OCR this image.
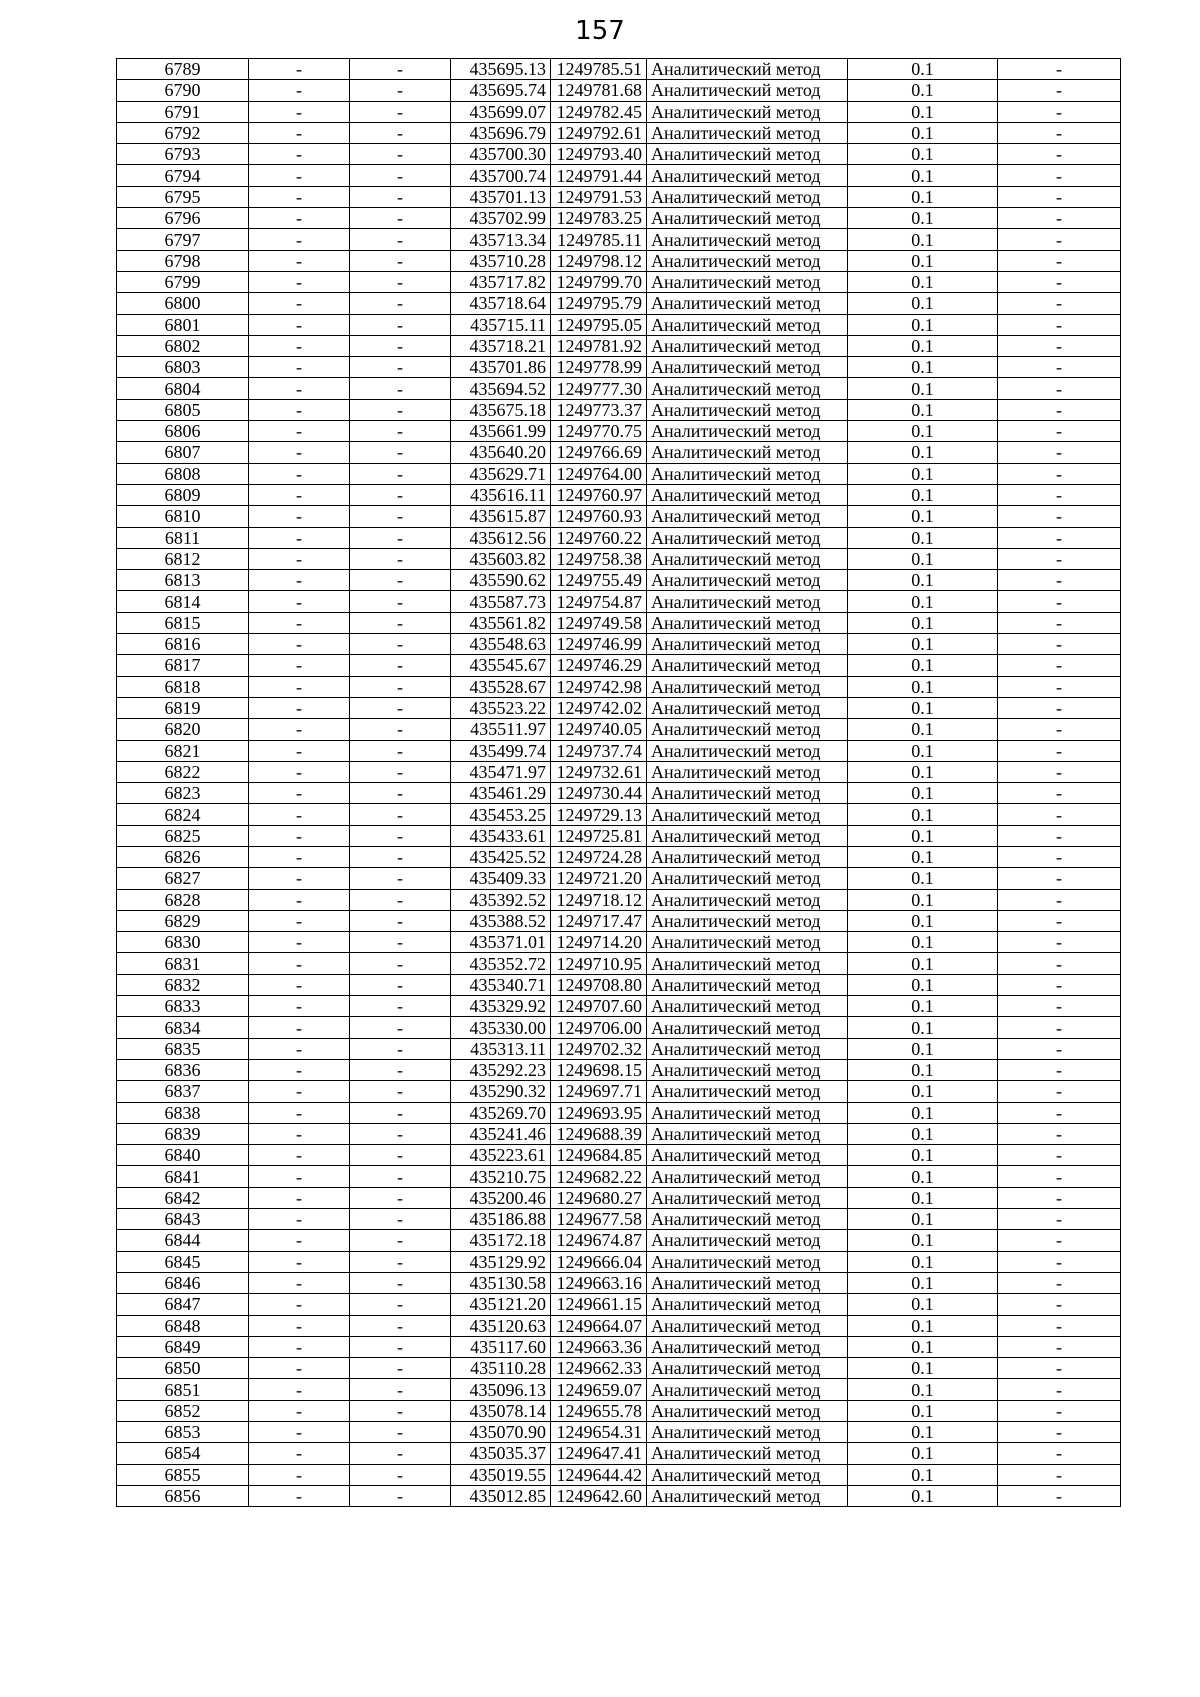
157
6789	-	-	435695.13	1249785.51	Аналитический метод	0.1	-
6790	-	-	435695.74	1249781.68	Аналитический метод	0.1	-
6791	-	-	435699.07	1249782.45	Аналитический метод	0.1	-
6792	-	-	435696.79	1249792.61	Аналитический метод	0.1	-
6793	-	-	435700.30	1249793.40	Аналитический метод	0.1	-
6794	-	-	435700.74	1249791.44	Аналитический метод	0.1	-
6795	-	-	435701.13	1249791.53	Аналитический метод	0.1	-
6796	-	-	435702.99	1249783.25	Аналитический метод	0.1	-
6797	-	-	435713.34	1249785.11	Аналитический метод	0.1	-
6798	-	-	435710.28	1249798.12	Аналитический метод	0.1	-
6799	-	-	435717.82	1249799.70	Аналитический метод	0.1	-
6800	-	-	435718.64	1249795.79	Аналитический метод	0.1	-
6801	-	-	435715.11	1249795.05	Аналитический метод	0.1	-
6802	-	-	435718.21	1249781.92	Аналитический метод	0.1	-
6803	-	-	435701.86	1249778.99	Аналитический метод	0.1	-
6804	-	-	435694.52	1249777.30	Аналитический метод	0.1	-
6805	-	-	435675.18	1249773.37	Аналитический метод	0.1	-
6806	-	-	435661.99	1249770.75	Аналитический метод	0.1	-
6807	-	-	435640.20	1249766.69	Аналитический метод	0.1	-
6808	-	-	435629.71	1249764.00	Аналитический метод	0.1	-
6809	-	-	435616.11	1249760.97	Аналитический метод	0.1	-
6810	-	-	435615.87	1249760.93	Аналитический метод	0.1	-
6811	-	-	435612.56	1249760.22	Аналитический метод	0.1	-
6812	-	-	435603.82	1249758.38	Аналитический метод	0.1	-
6813	-	-	435590.62	1249755.49	Аналитический метод	0.1	-
6814	-	-	435587.73	1249754.87	Аналитический метод	0.1	-
6815	-	-	435561.82	1249749.58	Аналитический метод	0.1	-
6816	-	-	435548.63	1249746.99	Аналитический метод	0.1	-
6817	-	-	435545.67	1249746.29	Аналитический метод	0.1	-
6818	-	-	435528.67	1249742.98	Аналитический метод	0.1	-
6819	-	-	435523.22	1249742.02	Аналитический метод	0.1	-
6820	-	-	435511.97	1249740.05	Аналитический метод	0.1	-
6821	-	-	435499.74	1249737.74	Аналитический метод	0.1	-
6822	-	-	435471.97	1249732.61	Аналитический метод	0.1	-
6823	-	-	435461.29	1249730.44	Аналитический метод	0.1	-
6824	-	-	435453.25	1249729.13	Аналитический метод	0.1	-
6825	-	-	435433.61	1249725.81	Аналитический метод	0.1	-
6826	-	-	435425.52	1249724.28	Аналитический метод	0.1	-
6827	-	-	435409.33	1249721.20	Аналитический метод	0.1	-
6828	-	-	435392.52	1249718.12	Аналитический метод	0.1	-
6829	-	-	435388.52	1249717.47	Аналитический метод	0.1	-
6830	-	-	435371.01	1249714.20	Аналитический метод	0.1	-
6831	-	-	435352.72	1249710.95	Аналитический метод	0.1	-
6832	-	-	435340.71	1249708.80	Аналитический метод	0.1	-
6833	-	-	435329.92	1249707.60	Аналитический метод	0.1	-
6834	-	-	435330.00	1249706.00	Аналитический метод	0.1	-
6835	-	-	435313.11	1249702.32	Аналитический метод	0.1	-
6836	-	-	435292.23	1249698.15	Аналитический метод	0.1	-
6837	-	-	435290.32	1249697.71	Аналитический метод	0.1	-
6838	-	-	435269.70	1249693.95	Аналитический метод	0.1	-
6839	-	-	435241.46	1249688.39	Аналитический метод	0.1	-
6840	-	-	435223.61	1249684.85	Аналитический метод	0.1	-
6841	-	-	435210.75	1249682.22	Аналитический метод	0.1	-
6842	-	-	435200.46	1249680.27	Аналитический метод	0.1	-
6843	-	-	435186.88	1249677.58	Аналитический метод	0.1	-
6844	-	-	435172.18	1249674.87	Аналитический метод	0.1	-
6845	-	-	435129.92	1249666.04	Аналитический метод	0.1	-
6846	-	-	435130.58	1249663.16	Аналитический метод	0.1	-
6847	-	-	435121.20	1249661.15	Аналитический метод	0.1	-
6848	-	-	435120.63	1249664.07	Аналитический метод	0.1	-
6849	-	-	435117.60	1249663.36	Аналитический метод	0.1	-
6850	-	-	435110.28	1249662.33	Аналитический метод	0.1	-
6851	-	-	435096.13	1249659.07	Аналитический метод	0.1	-
6852	-	-	435078.14	1249655.78	Аналитический метод	0.1	-
6853	-	-	435070.90	1249654.31	Аналитический метод	0.1	-
6854	-	-	435035.37	1249647.41	Аналитический метод	0.1	-
6855	-	-	435019.55	1249644.42	Аналитический метод	0.1	-
6856	-	-	435012.85	1249642.60	Аналитический метод	0.1	-
